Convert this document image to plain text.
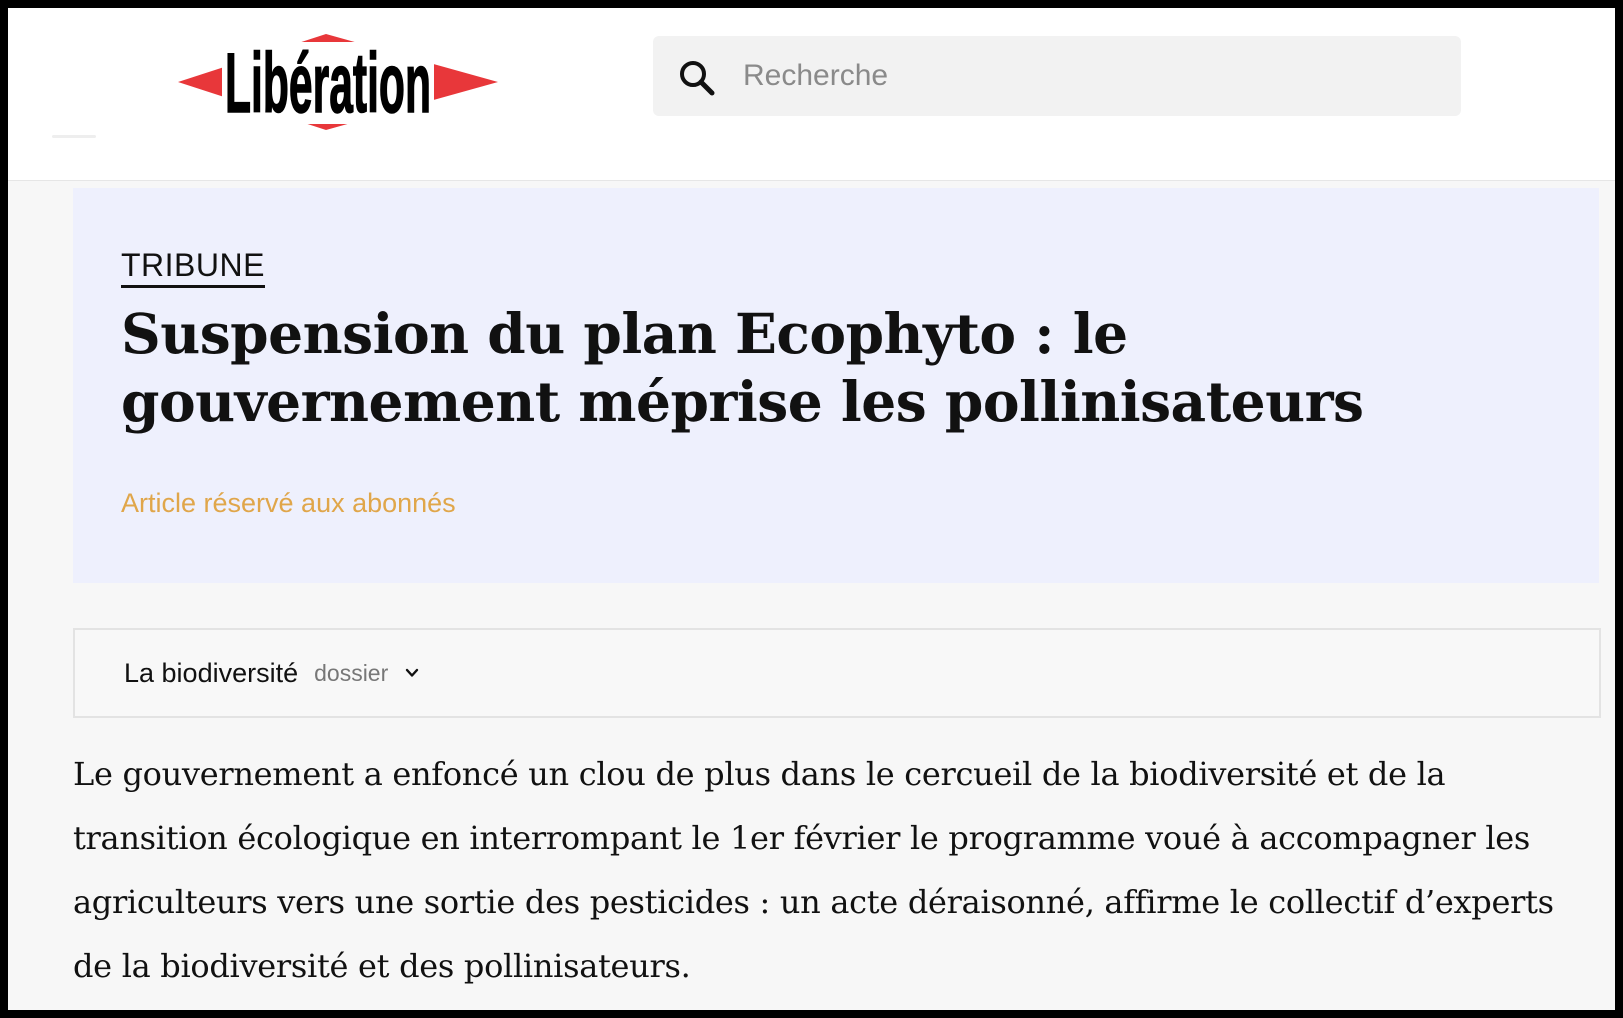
Libération
Recherche
TRIBUNE
Suspension du plan Ecophyto : le gouvernement méprise les pollinisateurs
Article réservé aux abonnés
La biodiversité dossier

Le gouvernement a enfoncé un clou de plus dans le cercueil de la biodiversité et de la transition écologique en interrompant le 1er février le programme voué à accompagner les agriculteurs vers une sortie des pesticides : un acte déraisonné, affirme le collectif d’experts de la biodiversité et des pollinisateurs.
